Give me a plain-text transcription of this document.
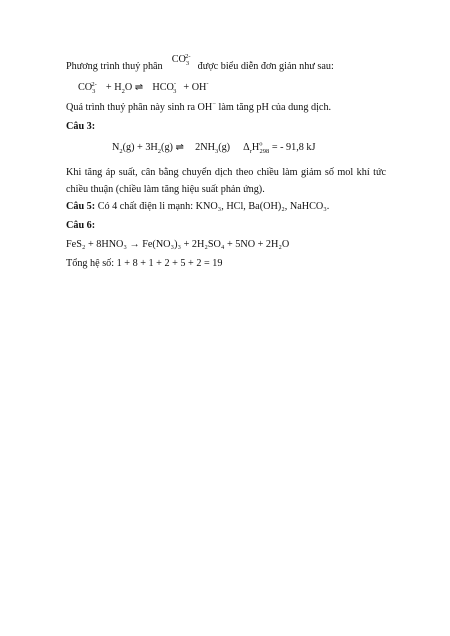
Phương trình thuỷ phân  $CO_3^{2-}$  được biểu diễn đơn giản như sau:
$CO_3^{2-} + H_2O$ ⇌ $HCO^-_3 + OH^-$
Quá trình thuỷ phân này sinh ra OH− làm tăng pH của dung dịch.
Câu 3:
$N_2(g) + 3H_2(g)$ ⇌ $2NH_3(g) \Delta_rH^o_{298}$ = - 91,8 kJ
Khi tăng áp suất, cân bằng chuyển dịch theo chiều làm giảm số mol khí tức chiều thuận (chiều làm tăng hiệu suất phản ứng).
Câu 5: Có 4 chất điện li mạnh: KNO₃, HCl, Ba(OH)₂, NaHCO₃.
Câu 6:
FeS₂ + 8HNO₃ → Fe(NO₃)₃ + 2H₂SO₄ + 5NO + 2H₂O
Tổng hệ số: 1 + 8 + 1 + 2 + 5 + 2 = 19
